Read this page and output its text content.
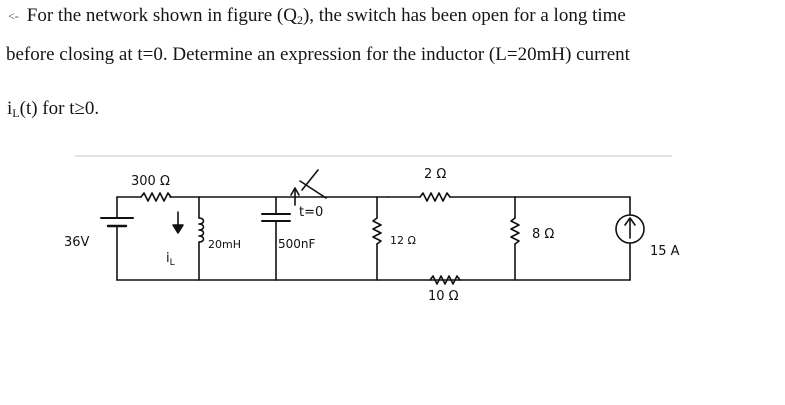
<- For the network shown in figure $(Q_2)$, the switch has been open for a long time
before closing at t=0. Determine an expression for the inductor (L=20mH) current
$i_L(t)$ for t≥0.
300 Ω	2 Ω
t=0
36V
$i_L$
20mH	500nF	12 Ω	8 Ω
10 Ω
15 A
